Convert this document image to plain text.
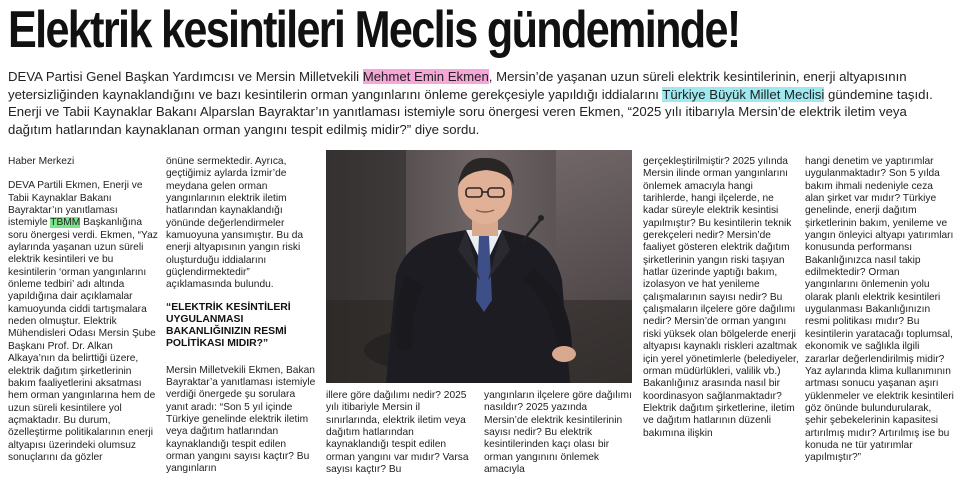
Elektrik kesintileri Meclis gündeminde!

DEVA Partisi Genel Başkan Yardımcısı ve Mersin Milletvekili Mehmet Emin Ekmen, Mersin’de yaşanan uzun süreli elektrik kesintilerinin, enerji altyapısının yetersizliğinden kaynaklandığını ve bazı kesintilerin orman yangınlarını önleme gerekçesiyle yapıldığı iddialarını Türkiye Büyük Millet Meclisi gündemine taşıdı. Enerji ve Tabii Kaynaklar Bakanı Alparslan Bayraktar’ın yanıtlaması istemiyle soru önergesi veren Ekmen, “2025 yılı itibarıyla Mersin’de elektrik iletim veya dağıtım hatlarından kaynaklanan orman yangını tespit edilmiş midir?” diye sordu.

Haber Merkezi

DEVA Partili Ekmen, Enerji ve Tabii Kaynaklar Bakanı Bayraktar’ın yanıtlaması istemiyle TBMM Başkanlığına soru önergesi verdi. Ekmen, “Yaz aylarında yaşanan uzun süreli elektrik kesintileri ve bu kesintilerin ‘orman yangınlarını önleme tedbiri’ adı altında yapıldığına dair açıklamalar kamuoyunda ciddi tartışmalara neden olmuştur. Elektrik Mühendisleri Odası Mersin Şube Başkanı Prof. Dr. Alkan Alkaya’nın da belirttiği üzere, elektrik dağıtım şirketlerinin bakım faaliyetlerini aksatması hem orman yangınlarına hem de uzun süreli kesintilere yol açmaktadır. Bu durum, özelleştirme politikalarının enerji altyapısı üzerindeki olumsuz sonuçlarını da gözler

önüne sermektedir. Ayrıca, geçtiğimiz aylarda İzmir’de meydana gelen orman yangınlarının elektrik iletim hatlarından kaynaklandığı yönünde değerlendirmeler kamuoyuna yansımıştır. Bu da enerji altyapısının yangın riski oluşturduğu iddialarını güçlendirmektedir” açıklamasında bulundu.

“ELEKTRİK KESİNTİLERİ UYGULANMASI BAKANLIĞINIZIN RESMİ POLİTİKASI MIDIR?”

Mersin Milletvekili Ekmen, Bakan Bayraktar’a yanıtlaması istemiyle verdiği önergede şu sorulara yanıt aradı: “Son 5 yıl içinde Türkiye genelinde elektrik iletim veya dağıtım hatlarından kaynaklandığı tespit edilen orman yangını sayısı kaçtır? Bu yangınların

illere göre dağılımı nedir? 2025 yılı itibariyle Mersin il sınırlarında, elektrik iletim veya dağıtım hatlarından kaynaklandığı tespit edilen orman yangını var mıdır? Varsa sayısı kaçtır? Bu

yangınların ilçelere göre dağılımı nasıldır? 2025 yazında Mersin’de elektrik kesintilerinin sayısı nedir? Bu elektrik kesintilerinden kaçı olası bir orman yangınını önlemek amacıyla

gerçekleştirilmiştir? 2025 yılında Mersin ilinde orman yangınlarını önlemek amacıyla hangi tarihlerde, hangi ilçelerde, ne kadar süreyle elektrik kesintisi yapılmıştır? Bu kesintilerin teknik gerekçeleri nedir? Mersin’de faaliyet gösteren elektrik dağıtım şirketlerinin yangın riski taşıyan hatlar üzerinde yaptığı bakım, izolasyon ve hat yenileme çalışmalarının sayısı nedir? Bu çalışmaların ilçelere göre dağılımı nedir? Mersin’de orman yangını riski yüksek olan bölgelerde enerji altyapısı kaynaklı riskleri azaltmak için yerel yönetimlerle (belediyeler, orman müdürlükleri, valilik vb.) Bakanlığınız arasında nasıl bir koordinasyon sağlanmaktadır? Elektrik dağıtım şirketlerine, iletim ve dağıtım hatlarının düzenli bakımına ilişkin

hangi denetim ve yaptırımlar uygulanmaktadır? Son 5 yılda bakım ihmali nedeniyle ceza alan şirket var mıdır? Türkiye genelinde, enerji dağıtım şirketlerinin bakım, yenileme ve yangın önleyici altyapı yatırımları konusunda performansı Bakanlığınızca nasıl takip edilmektedir? Orman yangınlarını önlemenin yolu olarak planlı elektrik kesintileri uygulanması Bakanlığınızın resmi politikası mıdır? Bu kesintilerin yaratacağı toplumsal, ekonomik ve sağlıkla ilgili zararlar değerlendirilmiş midir? Yaz aylarında klima kullanımının artması sonucu yaşanan aşırı yüklenmeler ve elektrik kesintileri göz önünde bulundurularak, şehir şebekelerinin kapasitesi artırılmış mıdır? Artırılmış ise bu konuda ne tür yatırımlar yapılmıştır?”
